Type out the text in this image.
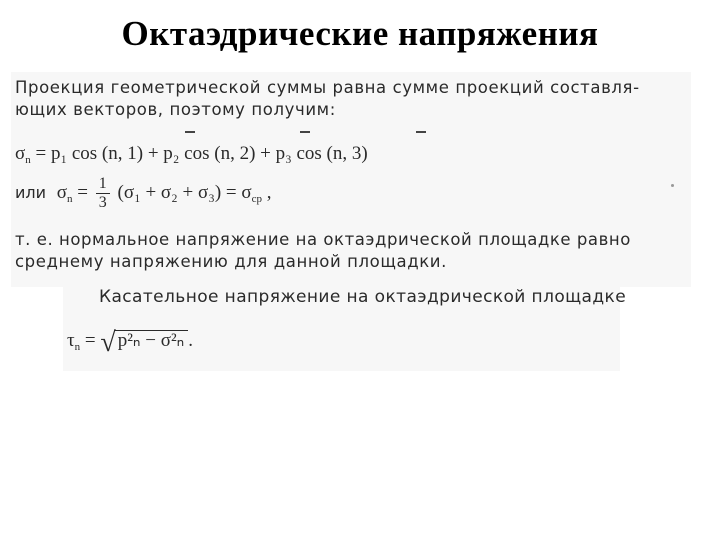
Октаэдрические напряжения
Проекция геометрической суммы равна сумме проекций составля-
ющих векторов, поэтому получим:
$\sigma_n = p_1$ cos (n, 1) + p₂ cos (n, 2) + p₃ cos (n, 3)
или $\sigma_n = \frac{1}{3} (\sigma_1 + \sigma_2 + \sigma_3) = \sigma_{ср}$ ,
т. е. нормальное напряжение на октаэдрической площадке равно
среднему напряжению для данной площадки.
Касательное напряжение на октаэдрической площадке
$\tau_n$ = √ p²ₙ − σ²ₙ .
